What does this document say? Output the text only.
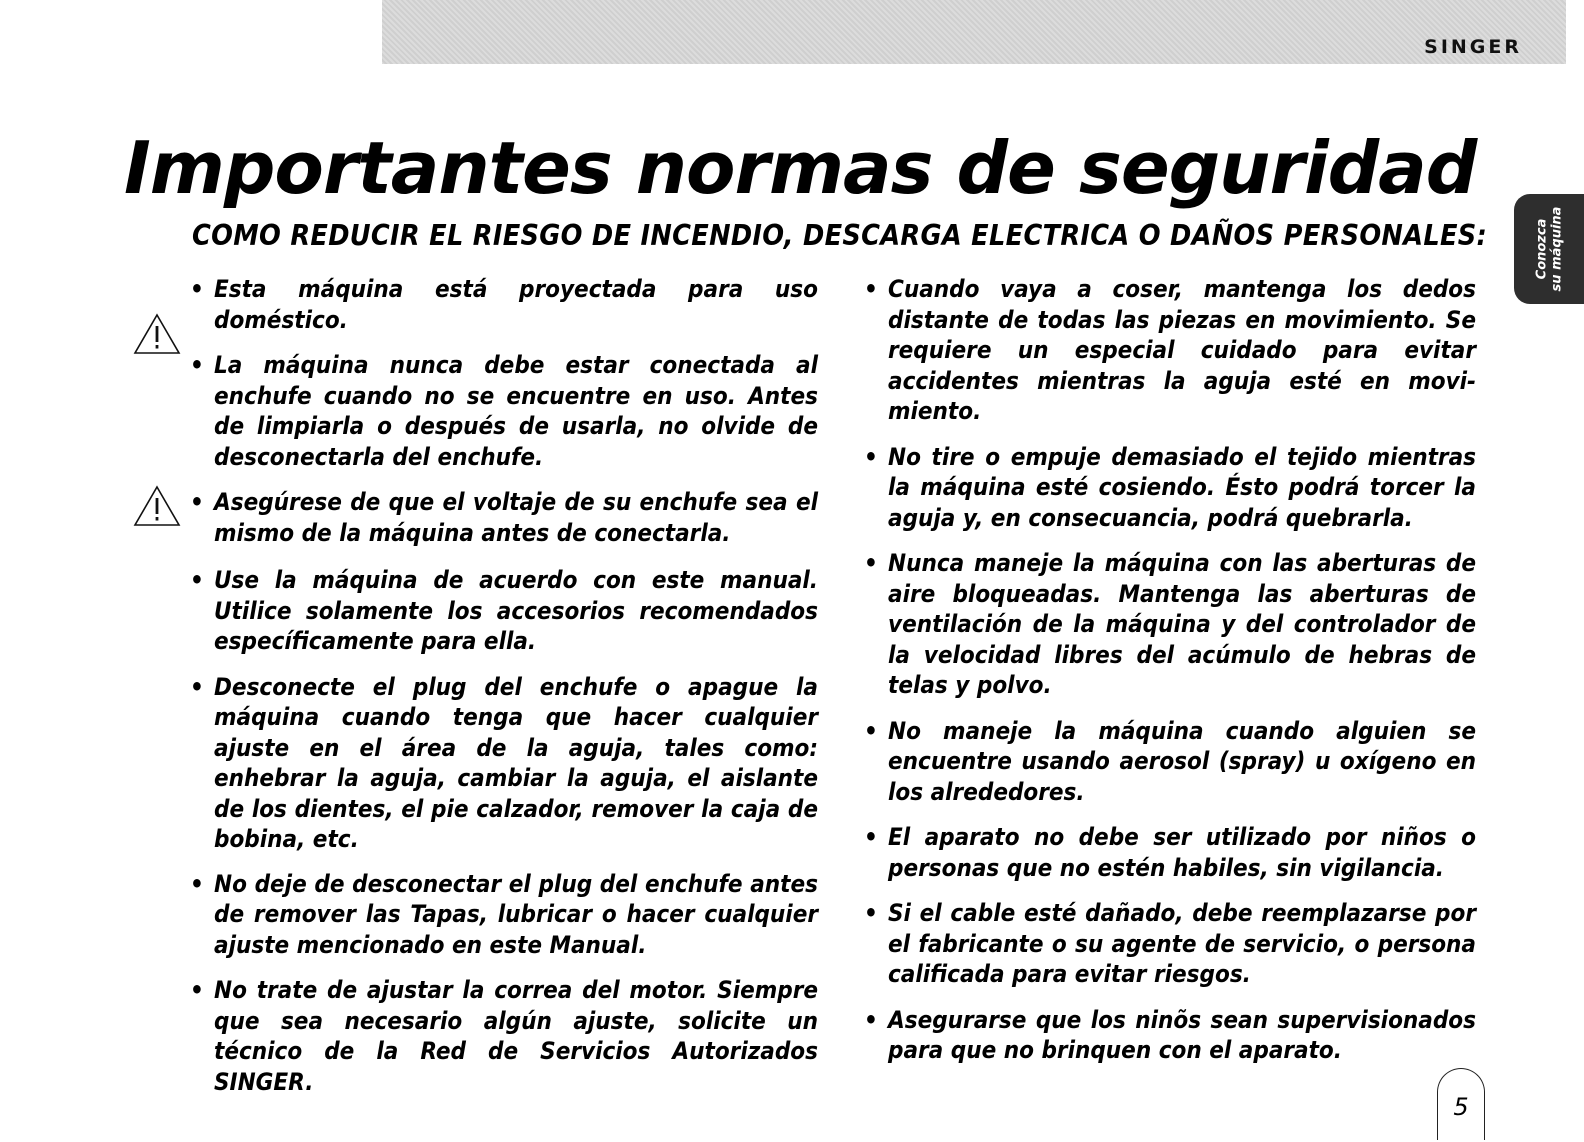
SINGER
Importantes normas de seguridad
COMO REDUCIR EL RIESGO DE INCENDIO, DESCARGA ELECTRICA O DAÑOS PERSONALES:	Conozca su máquina
• Esta máquina está proyectada para uso doméstico.
• La máquina nunca debe estar conectada al enchufe cuando no se encuentre en uso. Antes de limpiarla o después de usarla, no olvide de desconectarla del enchufe.
• Asegúrese de que el voltaje de su enchufe sea el mismo de la máquina antes de conectarla.
• Use la máquina de acuerdo con este manual. Utilice solamente los accesorios recomendados específicamente para ella.
• Desconecte el plug del enchufe o apague la máquina cuando tenga que hacer cualquier ajuste en el área de la aguja, tales como: enhebrar la aguja, cambiar la aguja, el aislante de los dientes, el pie calzador, remover la caja de bobina, etc.
• No deje de desconectar el plug del enchufe antes de remover las Tapas, lubricar o hacer cualquier ajuste mencionado en este Manual.
• No trate de ajustar la correa del motor. Siempre que sea necesario algún ajuste, solicite un técnico de la Red de Servicios Autorizados SINGER.
• Cuando vaya a coser, mantenga los dedos distante de todas las piezas en movimiento. Se requiere un especial cuidado para evitar accidentes mientras la aguja esté en movi-miento.
• No tire o empuje demasiado el tejido mientras la máquina esté cosiendo. Ésto podrá torcer la aguja y, en consecuancia, podrá quebrarla.
• Nunca maneje la máquina con las aberturas de aire bloqueadas. Mantenga las aberturas de ventilación de la máquina y del controlador de la velocidad libres del acúmulo de hebras de telas y polvo.
• No maneje la máquina cuando alguien se encuentre usando aerosol (spray) u oxígeno en los alrededores.
• El aparato no debe ser utilizado por niños o personas que no estén habiles, sin vigilancia.
• Si el cable esté dañado, debe reemplazarse por el fabricante o su agente de servicio, o persona calificada para evitar riesgos.
• Asegurarse que los ninõs sean supervisionados para que no brinquen con el aparato.
5
